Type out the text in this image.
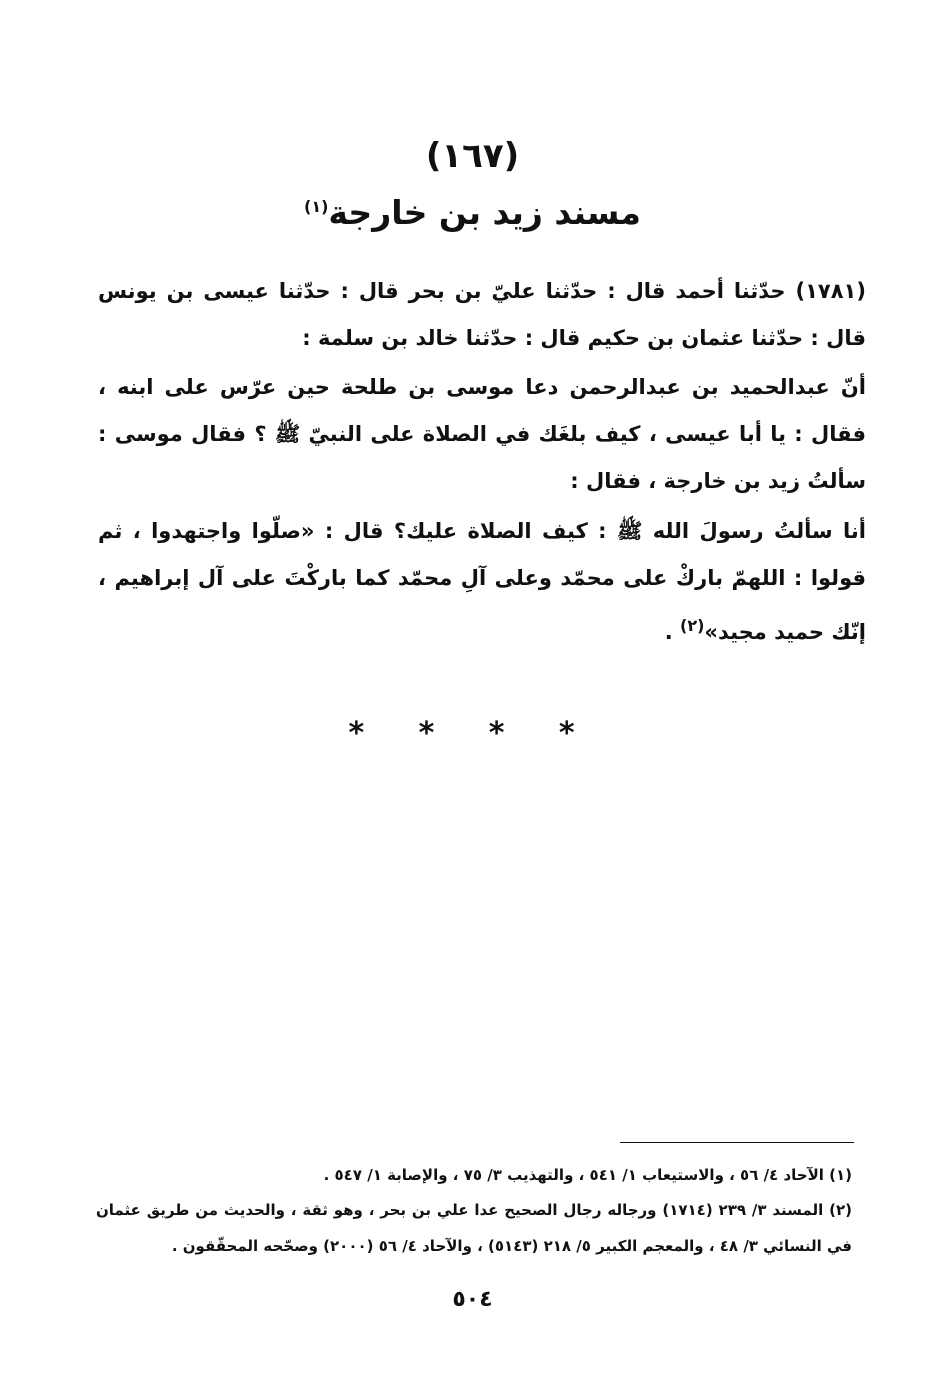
(١٦٧)
مسند زيد بن خارجة$^{(١)}$
(١٧٨١) حدّثنا أحمد قال : حدّثنا عليّ بن بحر قال : حدّثنا عيسى بن يونس قال : حدّثنا عثمان بن حكيم قال : حدّثنا خالد بن سلمة :
أنّ عبدالحميد بن عبدالرحمن دعا موسى بن طلحة حين عرّس على ابنه ، فقال : يا أبا عيسى ، كيف بلغَك في الصلاة على النبيّ ﷺ ؟ فقال موسى : سألتُ زيد بن خارجة ، فقال :
أنا سألتُ رسولَ الله ﷺ : كيف الصلاة عليك؟ قال : «صلّوا واجتهدوا ، ثم قولوا : اللهمّ باركْ على محمّد وعلى آلِ محمّد كما باركْتَ على آل إبراهيم ، إنّك حميد مجيد»$^{(٢)}$ .
* * * *
(١) الآحاد ٤/ ٥٦ ، والاستيعاب ١/ ٥٤١ ، والتهذيب ٣/ ٧٥ ، والإصابة ١/ ٥٤٧ .
(٢) المسند ٣/ ٢٣٩ (١٧١٤) ورجاله رجال الصحيح عدا علي بن بحر ، وهو ثقة ، والحديث من طريق عثمان في النسائي ٣/ ٤٨ ، والمعجم الكبير ٥/ ٢١٨ (٥١٤٣) ، والآحاد ٤/ ٥٦ (٢٠٠٠) وصحّحه المحقّقون .
٥٠٤
